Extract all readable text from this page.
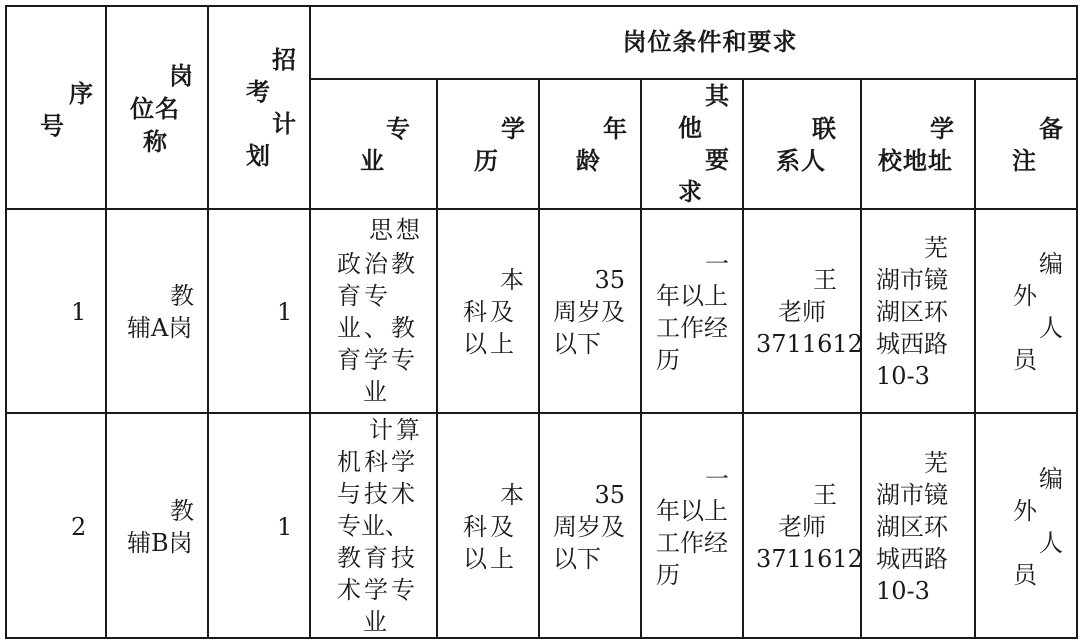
序
号
岗
位名
称
招
考
计
划
岗位条件和要求
专
业
学
历
年
龄
其
他
要
求
联
系人
学
校地址
备
注
1
教
辅A岗
1
思想
政治教
育专
业、教
育学专
业
本
科及
以上
35
周岁及
以下
一
年以上
工作经
历
王
老师
3711612
芜
湖市镜
湖区环
城西路
10-3
编
外
人
员
2
教
辅B岗
1
计算
机科学
与技术
专业、
教育技
术学专
业
本
科及
以上
35
周岁及
以下
一
年以上
工作经
历
王
老师
3711612
芜
湖市镜
湖区环
城西路
10-3
编
外
人
员
